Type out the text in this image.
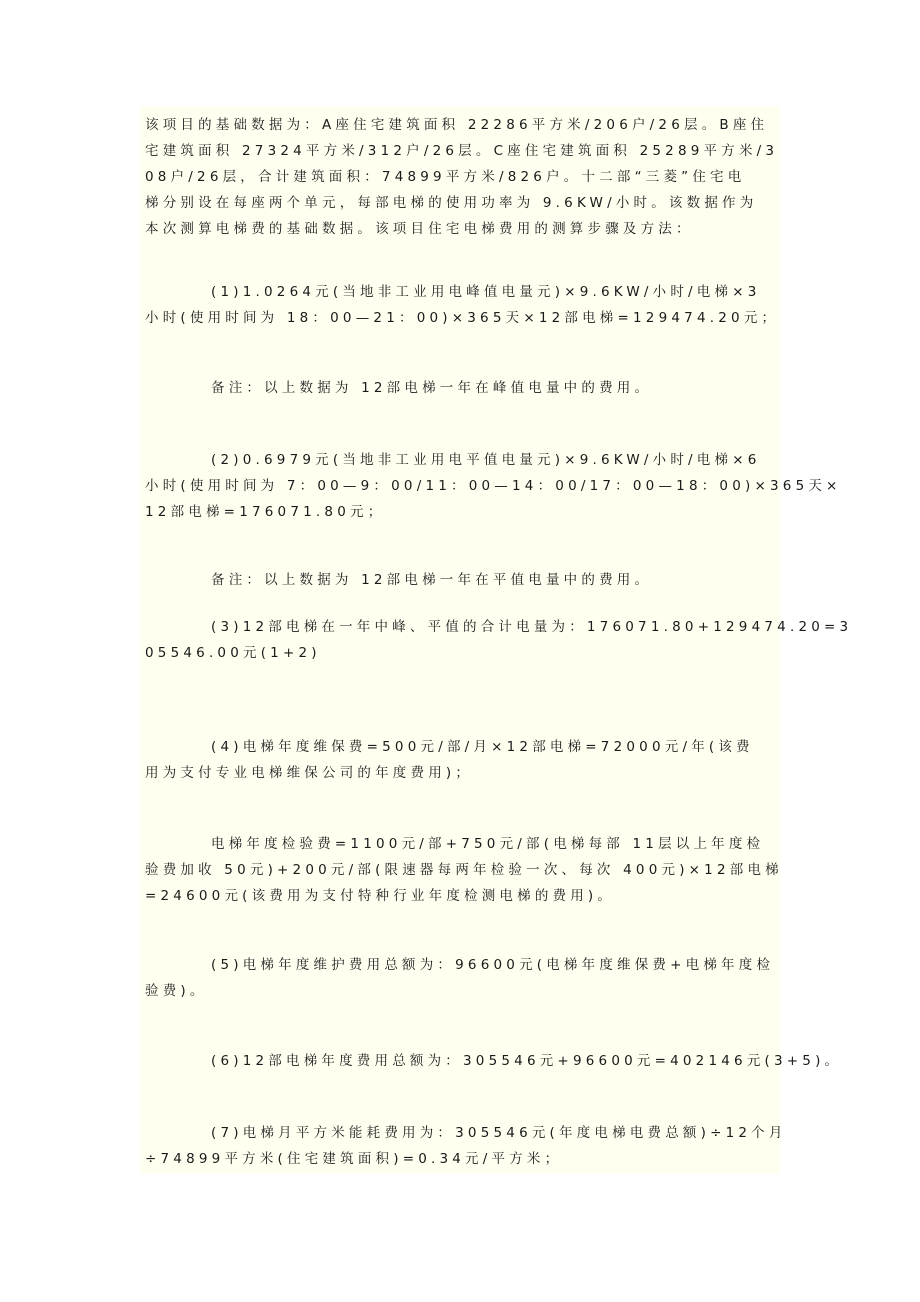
该项目的基础数据为：A座住宅建筑面积 22286平方米/206户/26层。B座住
宅建筑面积 27324平方米/312户/26层。C座住宅建筑面积 25289平方米/3
08户/26层，合计建筑面积：74899平方米/826户。十二部“三菱”住宅电
梯分别设在每座两个单元，每部电梯的使用功率为 9.6KW/小时。该数据作为
本次测算电梯费的基础数据。该项目住宅电梯费用的测算步骤及方法：

(1)1.0264元(当地非工业用电峰值电量元)×9.6KW/小时/电梯×3
小时(使用时间为 18：00—21：00)×365天×12部电梯=129474.20元；

备注：以上数据为 12部电梯一年在峰值电量中的费用。

(2)0.6979元(当地非工业用电平值电量元)×9.6KW/小时/电梯×6
小时(使用时间为 7：00—9：00/11：00—14：00/17：00—18：00)×365天×
12部电梯=176071.80元；

备注：以上数据为 12部电梯一年在平值电量中的费用。

(3)12部电梯在一年中峰、平值的合计电量为：176071.80+129474.20=3
05546.00元(1+2)

(4)电梯年度维保费=500元/部/月×12部电梯=72000元/年(该费
用为支付专业电梯维保公司的年度费用)；

电梯年度检验费=1100元/部+750元/部(电梯每部 11层以上年度检
验费加收 50元)+200元/部(限速器每两年检验一次、每次 400元)×12部电梯
=24600元(该费用为支付特种行业年度检测电梯的费用)。

(5)电梯年度维护费用总额为：96600元(电梯年度维保费+电梯年度检
验费)。

(6)12部电梯年度费用总额为：305546元+96600元=402146元(3+5)。

(7)电梯月平方米能耗费用为：305546元(年度电梯电费总额)÷12个月
÷74899平方米(住宅建筑面积)=0.34元/平方米；
